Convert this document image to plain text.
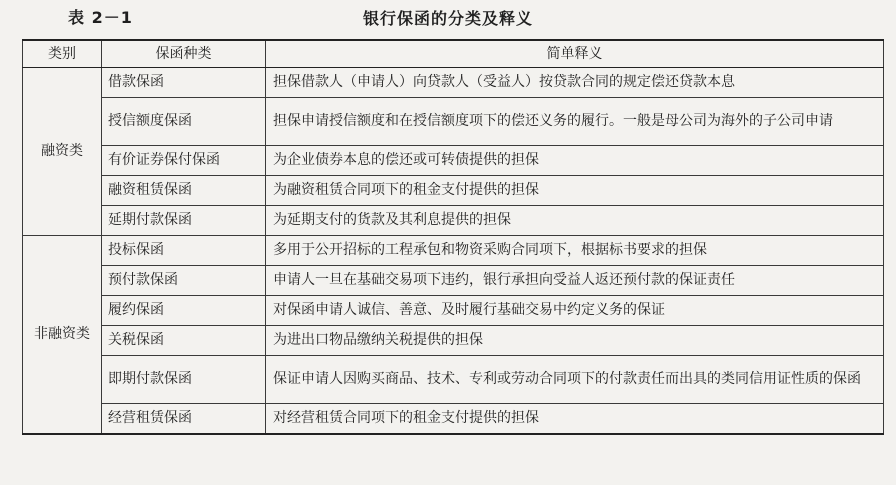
表 2－1	银行保函的分类及释义
类别	保函种类	简单释义
融资类	借款保函	担保借款人（申请人）向贷款人（受益人）按贷款合同的规定偿还贷款本息
	授信额度保函	担保申请授信额度和在授信额度项下的偿还义务的履行。一般是母公司为海外的子公司申请
	有价证券保付保函	为企业债券本息的偿还或可转债提供的担保
	融资租赁保函	为融资租赁合同项下的租金支付提供的担保
	延期付款保函	为延期支付的货款及其利息提供的担保
非融资类	投标保函	多用于公开招标的工程承包和物资采购合同项下，根据标书要求的担保
	预付款保函	申请人一旦在基础交易项下违约，银行承担向受益人返还预付款的保证责任
	履约保函	对保函申请人诚信、善意、及时履行基础交易中约定义务的保证
	关税保函	为进出口物品缴纳关税提供的担保
	即期付款保函	保证申请人因购买商品、技术、专利或劳动合同项下的付款责任而出具的类同信用证性质的保函
	经营租赁保函	对经营租赁合同项下的租金支付提供的担保
